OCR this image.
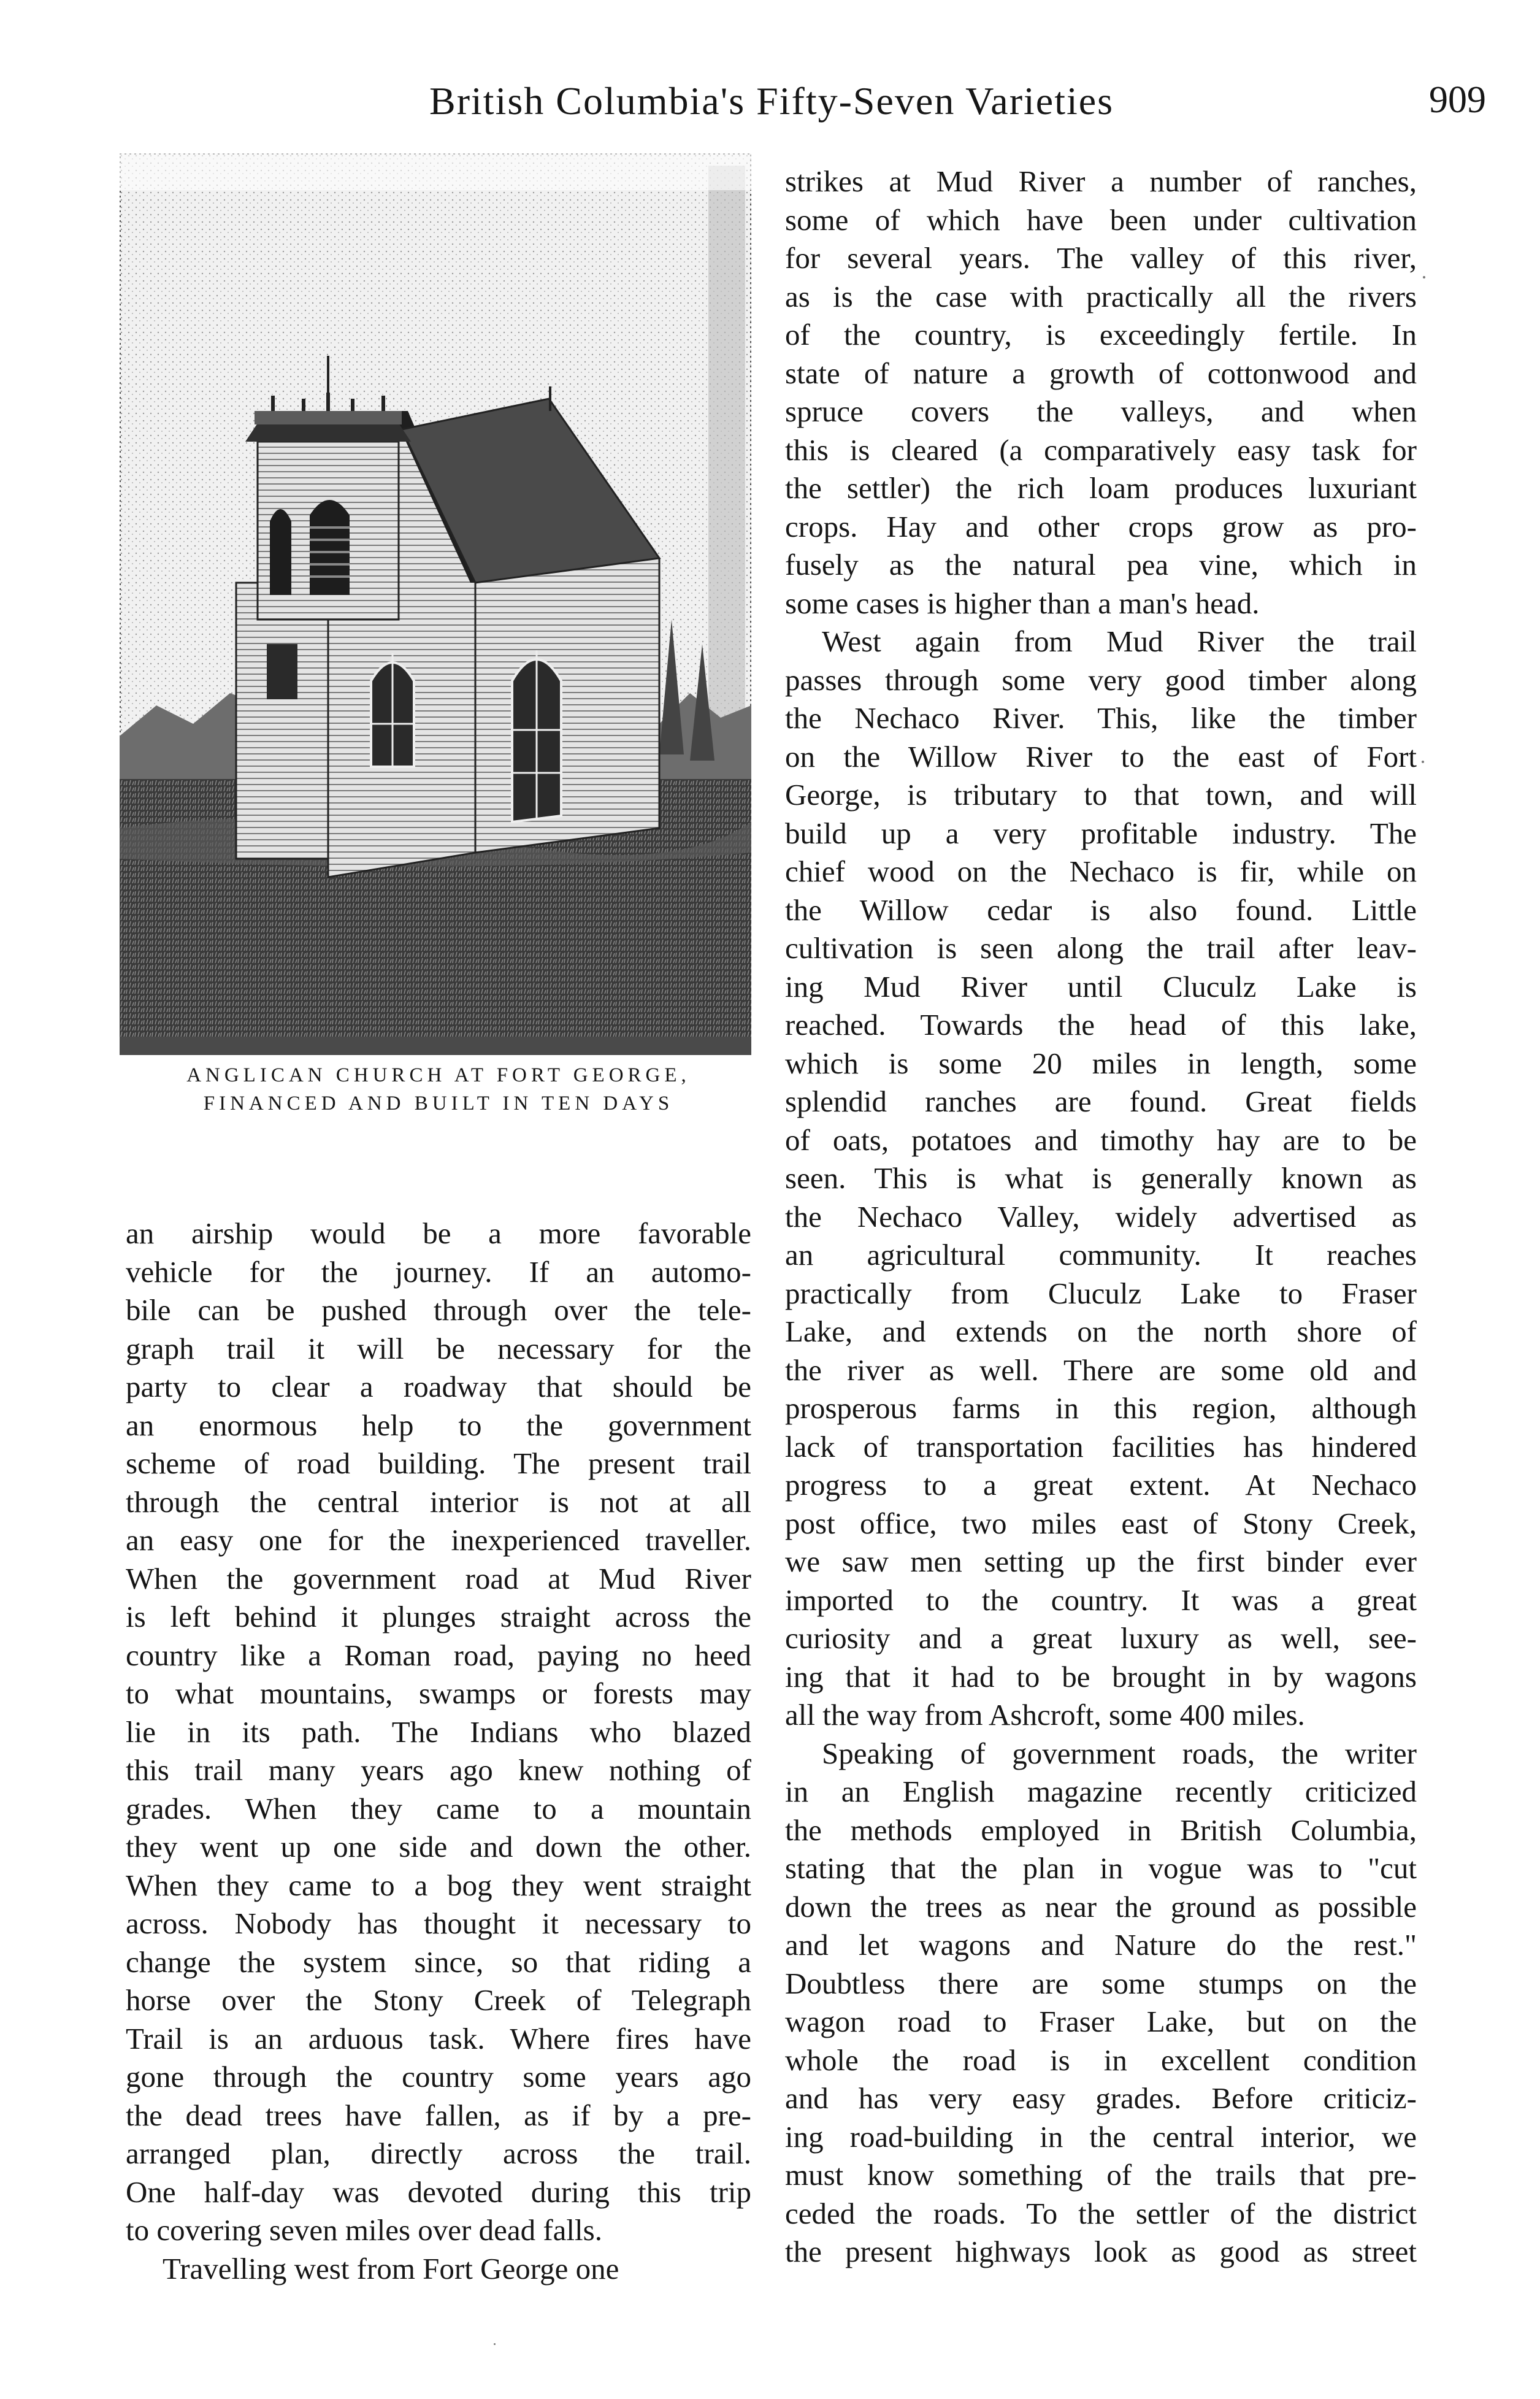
British Columbia's Fifty-Seven Varieties	909
ANGLICAN CHURCH AT FORT GEORGE,
FINANCED AND BUILT IN TEN DAYS
an airship would be a more favorable
vehicle for the journey. If an automo-
bile can be pushed through over the tele-
graph trail it will be necessary for the
party to clear a roadway that should be
an enormous help to the government
scheme of road building. The present trail
through the central interior is not at all
an easy one for the inexperienced traveller.
When the government road at Mud River
is left behind it plunges straight across the
country like a Roman road, paying no heed
to what mountains, swamps or forests may
lie in its path. The Indians who blazed
this trail many years ago knew nothing of
grades. When they came to a mountain
they went up one side and down the other.
When they came to a bog they went straight
across. Nobody has thought it necessary to
change the system since, so that riding a
horse over the Stony Creek of Telegraph
Trail is an arduous task. Where fires have
gone through the country some years ago
the dead trees have fallen, as if by a pre-
arranged plan, directly across the trail.
One half-day was devoted during this trip
to covering seven miles over dead falls.
Travelling west from Fort George one
strikes at Mud River a number of ranches,
some of which have been under cultivation
for several years. The valley of this river,
as is the case with practically all the rivers
of the country, is exceedingly fertile. In
state of nature a growth of cottonwood and
spruce covers the valleys, and when
this is cleared (a comparatively easy task for
the settler) the rich loam produces luxuriant
crops. Hay and other crops grow as pro-
fusely as the natural pea vine, which in
some cases is higher than a man's head.
West again from Mud River the trail
passes through some very good timber along
the Nechaco River. This, like the timber
on the Willow River to the east of Fort
George, is tributary to that town, and will
build up a very profitable industry. The
chief wood on the Nechaco is fir, while on
the Willow cedar is also found. Little
cultivation is seen along the trail after leav-
ing Mud River until Cluculz Lake is
reached. Towards the head of this lake,
which is some 20 miles in length, some
splendid ranches are found. Great fields
of oats, potatoes and timothy hay are to be
seen. This is what is generally known as
the Nechaco Valley, widely advertised as
an agricultural community. It reaches
practically from Cluculz Lake to Fraser
Lake, and extends on the north shore of
the river as well. There are some old and
prosperous farms in this region, although
lack of transportation facilities has hindered
progress to a great extent. At Nechaco
post office, two miles east of Stony Creek,
we saw men setting up the first binder ever
imported to the country. It was a great
curiosity and a great luxury as well, see-
ing that it had to be brought in by wagons
all the way from Ashcroft, some 400 miles.
Speaking of government roads, the writer
in an English magazine recently criticized
the methods employed in British Columbia,
stating that the plan in vogue was to "cut
down the trees as near the ground as possible
and let wagons and Nature do the rest."
Doubtless there are some stumps on the
wagon road to Fraser Lake, but on the
whole the road is in excellent condition
and has very easy grades. Before criticiz-
ing road-building in the central interior, we
must know something of the trails that pre-
ceded the roads. To the settler of the district
the present highways look as good as street
